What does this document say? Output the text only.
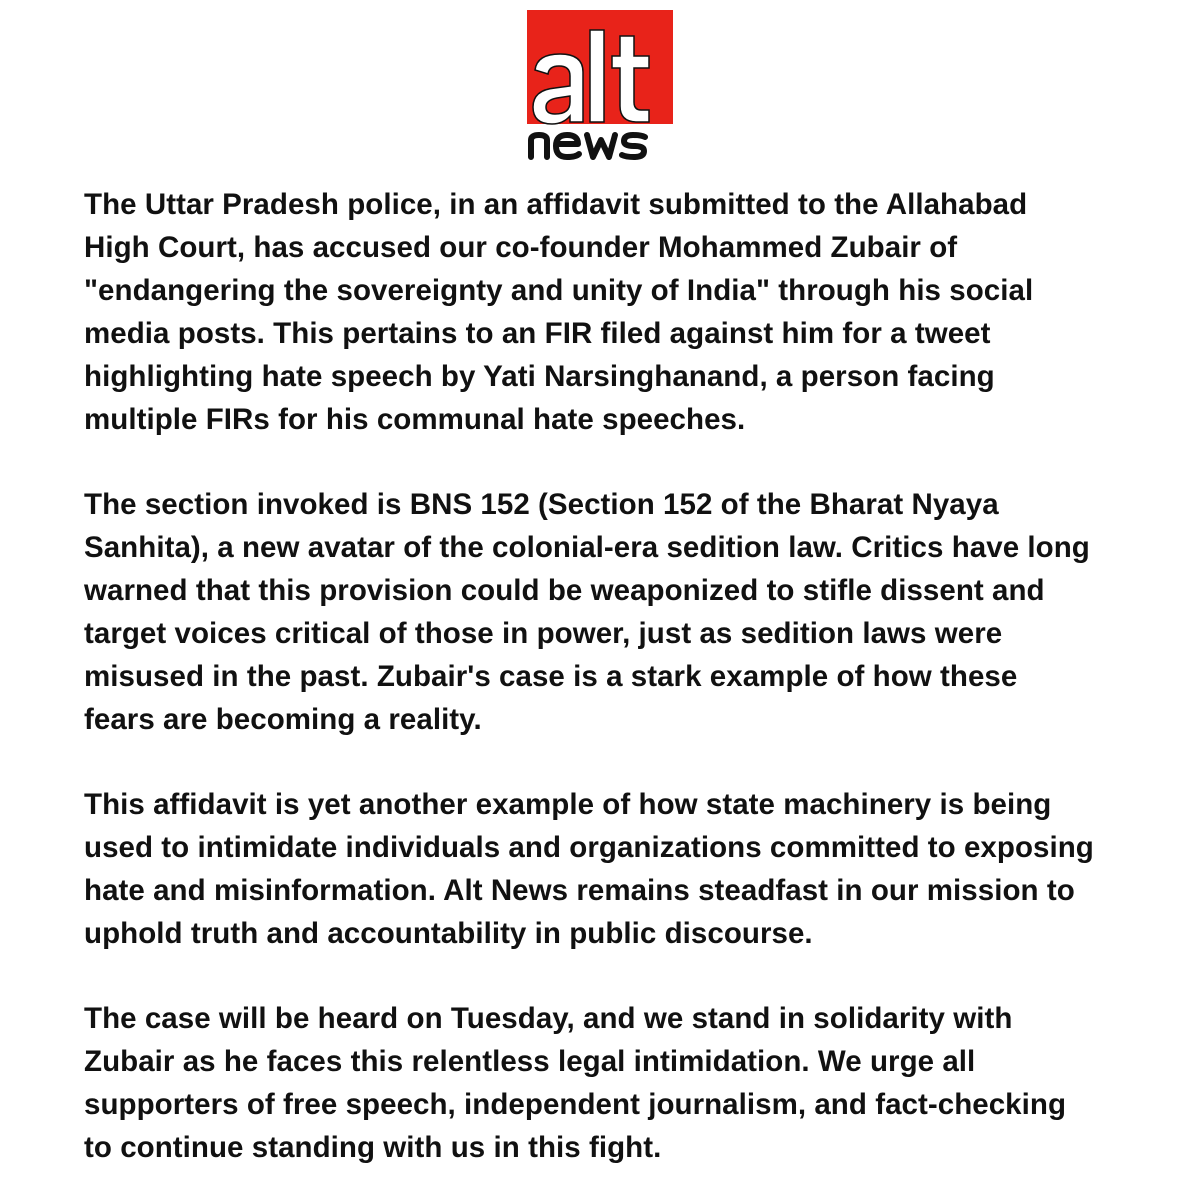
The Uttar Pradesh police, in an affidavit submitted to the Allahabad
High Court, has accused our co-founder Mohammed Zubair of
"endangering the sovereignty and unity of India" through his social
media posts. This pertains to an FIR filed against him for a tweet
highlighting hate speech by Yati Narsinghanand, a person facing
multiple FIRs for his communal hate speeches.

The section invoked is BNS 152 (Section 152 of the Bharat Nyaya
Sanhita), a new avatar of the colonial-era sedition law. Critics have long
warned that this provision could be weaponized to stifle dissent and
target voices critical of those in power, just as sedition laws were
misused in the past. Zubair's case is a stark example of how these
fears are becoming a reality.

This affidavit is yet another example of how state machinery is being
used to intimidate individuals and organizations committed to exposing
hate and misinformation. Alt News remains steadfast in our mission to
uphold truth and accountability in public discourse.

The case will be heard on Tuesday, and we stand in solidarity with
Zubair as he faces this relentless legal intimidation. We urge all
supporters of free speech, independent journalism, and fact-checking
to continue standing with us in this fight.
